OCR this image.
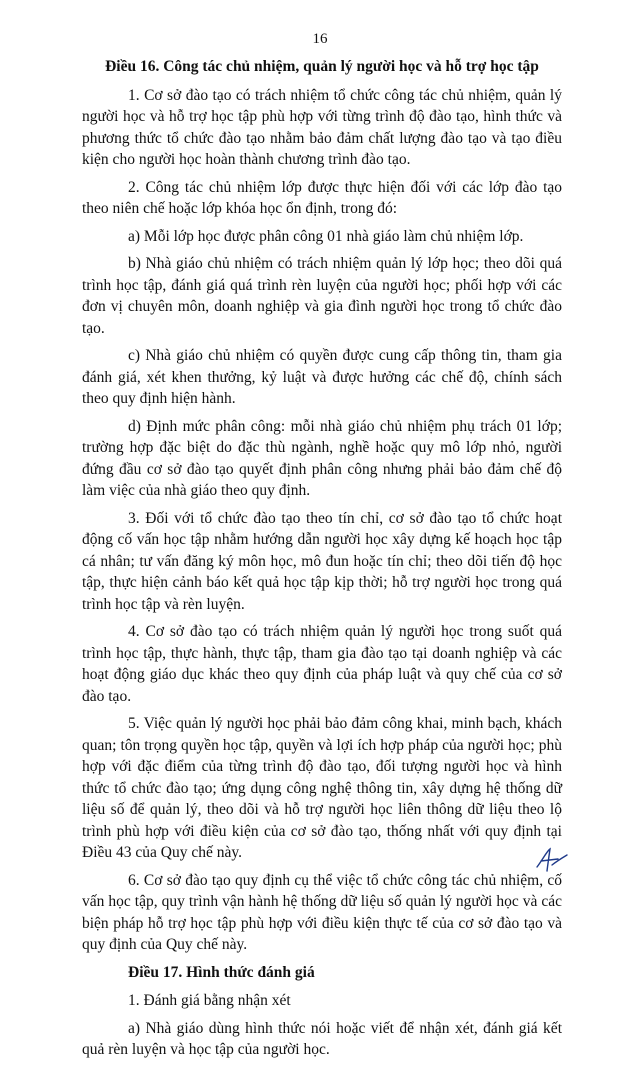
16
Điều 16. Công tác chủ nhiệm, quản lý người học và hỗ trợ học tập

1. Cơ sở đào tạo có trách nhiệm tổ chức công tác chủ nhiệm, quản lý người học và hỗ trợ học tập phù hợp với từng trình độ đào tạo, hình thức và phương thức tổ chức đào tạo nhằm bảo đảm chất lượng đào tạo và tạo điều kiện cho người học hoàn thành chương trình đào tạo.

2. Công tác chủ nhiệm lớp được thực hiện đối với các lớp đào tạo theo niên chế hoặc lớp khóa học ổn định, trong đó:

a) Mỗi lớp học được phân công 01 nhà giáo làm chủ nhiệm lớp.

b) Nhà giáo chủ nhiệm có trách nhiệm quản lý lớp học; theo dõi quá trình học tập, đánh giá quá trình rèn luyện của người học; phối hợp với các đơn vị chuyên môn, doanh nghiệp và gia đình người học trong tổ chức đào tạo.

c) Nhà giáo chủ nhiệm có quyền được cung cấp thông tin, tham gia đánh giá, xét khen thưởng, kỷ luật và được hưởng các chế độ, chính sách theo quy định hiện hành.

d) Định mức phân công: mỗi nhà giáo chủ nhiệm phụ trách 01 lớp; trường hợp đặc biệt do đặc thù ngành, nghề hoặc quy mô lớp nhỏ, người đứng đầu cơ sở đào tạo quyết định phân công nhưng phải bảo đảm chế độ làm việc của nhà giáo theo quy định.

3. Đối với tổ chức đào tạo theo tín chỉ, cơ sở đào tạo tổ chức hoạt động cố vấn học tập nhằm hướng dẫn người học xây dựng kế hoạch học tập cá nhân; tư vấn đăng ký môn học, mô đun hoặc tín chỉ; theo dõi tiến độ học tập, thực hiện cảnh báo kết quả học tập kịp thời; hỗ trợ người học trong quá trình học tập và rèn luyện.

4. Cơ sở đào tạo có trách nhiệm quản lý người học trong suốt quá trình học tập, thực hành, thực tập, tham gia đào tạo tại doanh nghiệp và các hoạt động giáo dục khác theo quy định của pháp luật và quy chế của cơ sở đào tạo.

5. Việc quản lý người học phải bảo đảm công khai, minh bạch, khách quan; tôn trọng quyền học tập, quyền và lợi ích hợp pháp của người học; phù hợp với đặc điểm của từng trình độ đào tạo, đối tượng người học và hình thức tổ chức đào tạo; ứng dụng công nghệ thông tin, xây dựng hệ thống dữ liệu số để quản lý, theo dõi và hỗ trợ người học liên thông dữ liệu theo lộ trình phù hợp với điều kiện của cơ sở đào tạo, thống nhất với quy định tại Điều 43 của Quy chế này.

6. Cơ sở đào tạo quy định cụ thể việc tổ chức công tác chủ nhiệm, cố vấn học tập, quy trình vận hành hệ thống dữ liệu số quản lý người học và các biện pháp hỗ trợ học tập phù hợp với điều kiện thực tế của cơ sở đào tạo và quy định của Quy chế này.

Điều 17. Hình thức đánh giá

1. Đánh giá bằng nhận xét

a) Nhà giáo dùng hình thức nói hoặc viết để nhận xét, đánh giá kết quả rèn luyện và học tập của người học.
